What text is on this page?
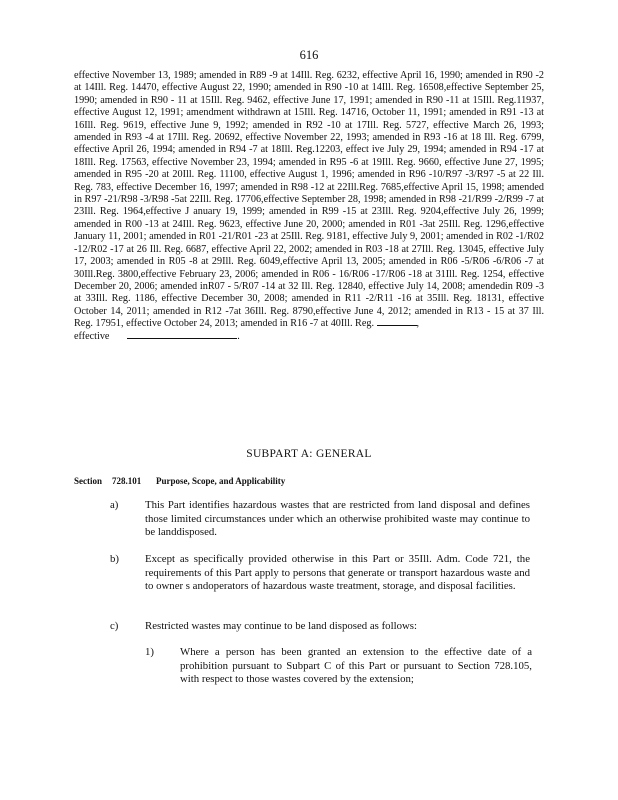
616
effective November 13, 1989; amended in R89 -9 at 14Ill. Reg. 6232, effective April 16, 1990; amended in R90 -2 at 14Ill. Reg. 14470, effective August 22, 1990; amended in R90 -10 at 14Ill. Reg. 16508,effective September 25, 1990; amended in R90 - 11 at 15Ill. Reg. 9462, effective June 17, 1991; amended in R90 -11 at 15Ill. Reg.11937, effective August 12, 1991; amendment withdrawn at 15Ill. Reg. 14716, October 11, 1991; amended in R91 -13 at 16Ill. Reg. 9619, effective June 9, 1992; amended in R92 -10 at 17Ill. Reg. 5727, effective March 26, 1993; amended in R93 -4 at 17Ill. Reg. 20692, effective November 22, 1993; amended in R93 -16 at 18 Ill. Reg. 6799, effective April 26, 1994; amended in R94 -7 at 18Ill. Reg.12203, effect ive July 29, 1994; amended in R94 -17 at 18Ill. Reg. 17563, effective November 23, 1994; amended in R95 -6 at 19Ill. Reg. 9660, effective June 27, 1995; amended in R95 -20 at 20Ill. Reg. 11100, effective August 1, 1996; amended in R96 -10/R97 -3/R97 -5 at 22 Ill. Reg. 783, effective December 16, 1997; amended in R98 -12 at 22Ill.Reg. 7685,effective April 15, 1998; amended in R97 -21/R98 -3/R98 -5at 22Ill. Reg. 17706,effective September 28, 1998; amended in R98 -21/R99 -2/R99 -7 at 23Ill. Reg. 1964,effective J anuary 19, 1999; amended in R99 -15 at 23Ill. Reg. 9204,effective July 26, 1999; amended in R00 -13 at 24Ill. Reg. 9623, effective June 20, 2000; amended in R01 -3at 25Ill. Reg. 1296,effective January 11, 2001; amended in R01 -21/R01 -23 at 25Ill. Reg. 9181, effective July 9, 2001; amended in R02 -1/R02 -12/R02 -17 at 26 Ill. Reg. 6687, effective April 22, 2002; amended in R03 -18 at 27Ill. Reg. 13045, effective July 17, 2003; amended in R05 -8 at 29Ill. Reg. 6049,effective April 13, 2005; amended in R06 -5/R06 -6/R06 -7 at 30Ill.Reg. 3800,effective February 23, 2006; amended in R06 - 16/R06 -17/R06 -18 at 31Ill. Reg. 1254, effective December 20, 2006; amended inR07 - 5/R07 -14 at 32 Ill. Reg. 12840, effective July 14, 2008; amendedin R09 -3 at 33Ill. Reg. 1186, effective December 30, 2008; amended in R11 -2/R11 -16 at 35Ill. Reg. 18131, effective October 14, 2011; amended in R12 -7at 36Ill. Reg. 8790,effective June 4, 2012; amended in R13 - 15 at 37 Ill. Reg. 17951, effective October 24, 2013; amended in R16 -7 at 40Ill. Reg.	,
effective	.
SUBPART A: GENERAL
Section 728.101 Purpose, Scope, and Applicability
a) This Part identifies hazardous wastes that are restricted from land disposal and defines those limited circumstances under which an otherwise prohibited waste may continue to be landdisposed.
b) Except as specifically provided otherwise in this Part or 35Ill. Adm. Code 721, the requirements of this Part apply to persons that generate or transport hazardous waste and to owner s andoperators of hazardous waste treatment, storage, and disposal facilities.
c) Restricted wastes may continue to be land disposed as follows:
1) Where a person has been granted an extension to the effective date of a prohibition pursuant to Subpart C of this Part or pursuant to Section 728.105, with respect to those wastes covered by the extension;
